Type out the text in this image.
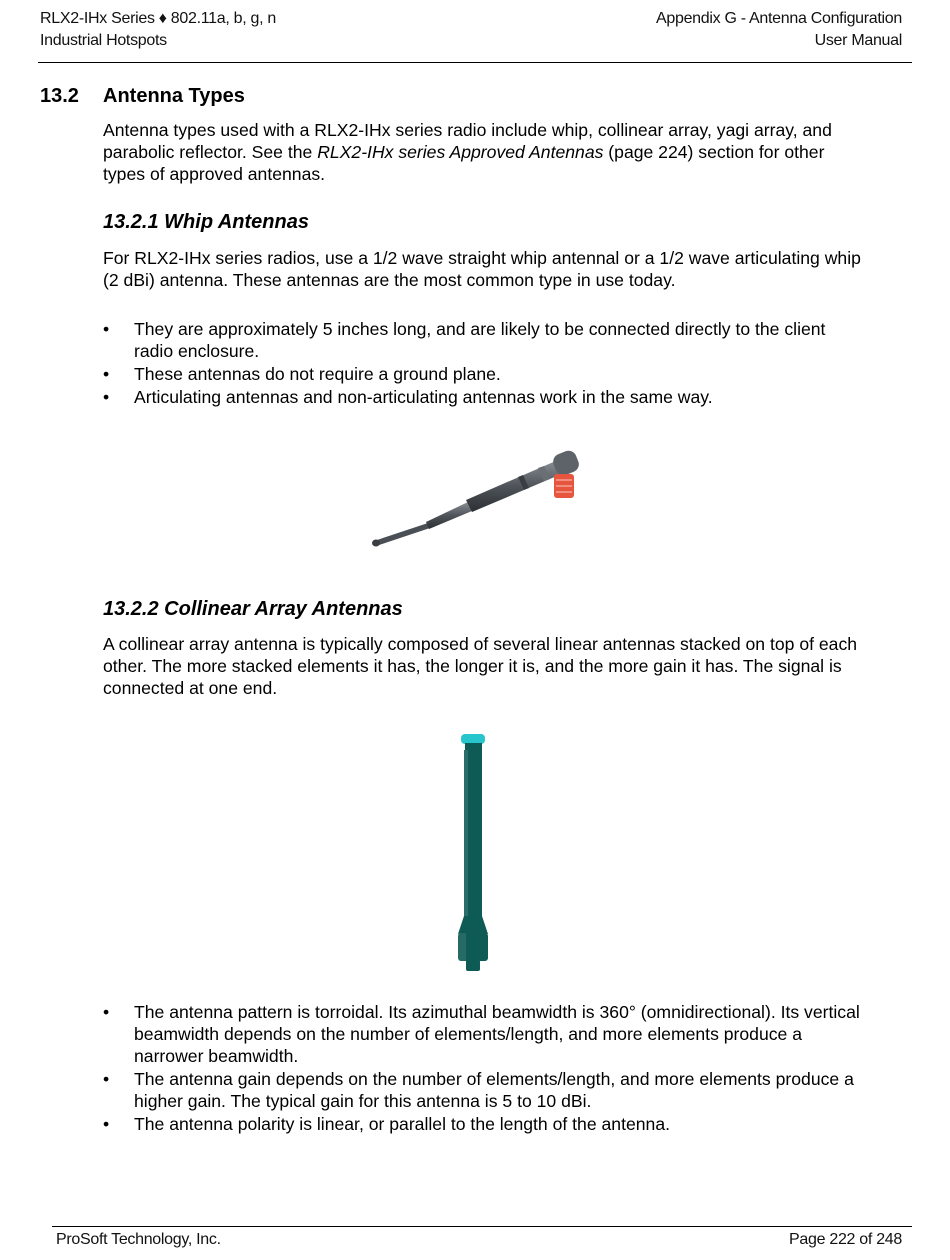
RLX2-IHx Series ♦ 802.11a, b, g, n
Industrial Hotspots
Appendix G - Antenna Configuration
User Manual
13.2 Antenna Types
Antenna types used with a RLX2-IHx series radio include whip, collinear array, yagi array, and parabolic reflector. See the RLX2-IHx series Approved Antennas (page 224) section for other types of approved antennas.
13.2.1 Whip Antennas
For RLX2-IHx series radios, use a 1/2 wave straight whip antennal or a 1/2 wave articulating whip (2 dBi) antenna. These antennas are the most common type in use today.
• They are approximately 5 inches long, and are likely to be connected directly to the client radio enclosure.
• These antennas do not require a ground plane.
• Articulating antennas and non-articulating antennas work in the same way.
13.2.2 Collinear Array Antennas
A collinear array antenna is typically composed of several linear antennas stacked on top of each other. The more stacked elements it has, the longer it is, and the more gain it has. The signal is connected at one end.
• The antenna pattern is torroidal. Its azimuthal beamwidth is 360° (omnidirectional). Its vertical beamwidth depends on the number of elements/length, and more elements produce a narrower beamwidth.
• The antenna gain depends on the number of elements/length, and more elements produce a higher gain. The typical gain for this antenna is 5 to 10 dBi.
• The antenna polarity is linear, or parallel to the length of the antenna.
ProSoft Technology, Inc.	Page 222 of 248
